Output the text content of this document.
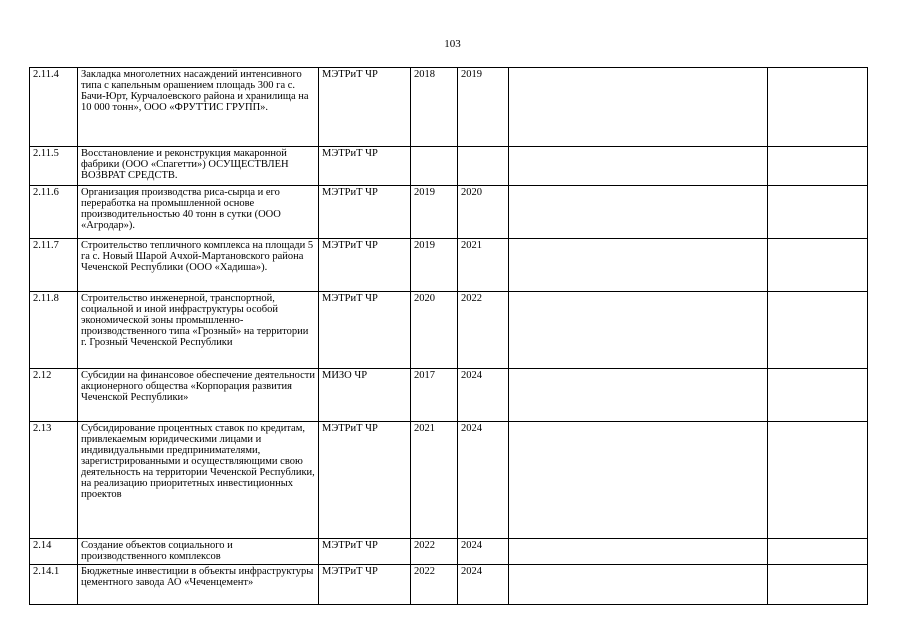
103
2.11.4	Закладка многолетних насаждений интенсивного типа с капельным орашением площадь 300 га с. Бачи-Юрт, Курчалоевского района и хранилища на 10 000 тонн», ООО «ФРУТТИС ГРУПП».	МЭТРиТ ЧР	2018	2019		
2.11.5	Восстановление и реконструкция макаронной фабрики (ООО «Спагетти») ОСУЩЕСТВЛЕН ВОЗВРАТ СРЕДСТВ.	МЭТРиТ ЧР				
2.11.6	Организация производства риса-сырца и его переработка на промышленной основе производительностью 40 тонн в сутки (ООО «Агродар»).	МЭТРиТ ЧР	2019	2020		
2.11.7	Строительство тепличного комплекса на площади 5 га с. Новый Шарой Ачхой-Мартановского района Чеченской Республики (ООО «Хадиша»).	МЭТРиТ ЧР	2019	2021		
2.11.8	Строительство инженерной, транспортной, социальной и иной инфраструктуры особой экономической зоны промышленно-производственного типа «Грозный» на территории г. Грозный Чеченской Республики	МЭТРиТ ЧР	2020	2022		
2.12	Субсидии на финансовое обеспечение деятельности акционерного общества «Корпорация развития Чеченской Республики»	МИЗО ЧР	2017	2024		
2.13	Субсидирование процентных ставок по кредитам, привлекаемым юридическими лицами и индивидуальными предпринимателями, зарегистрированными и осуществляющими свою деятельность на территории Чеченской Республики, на реализацию приоритетных инвестиционных проектов	МЭТРиТ ЧР	2021	2024		
2.14	Создание объектов социального и производственного комплексов	МЭТРиТ ЧР	2022	2024		
2.14.1	Бюджетные инвестиции в объекты инфраструктуры цементного завода АО «Чеченцемент»	МЭТРиТ ЧР	2022	2024		
